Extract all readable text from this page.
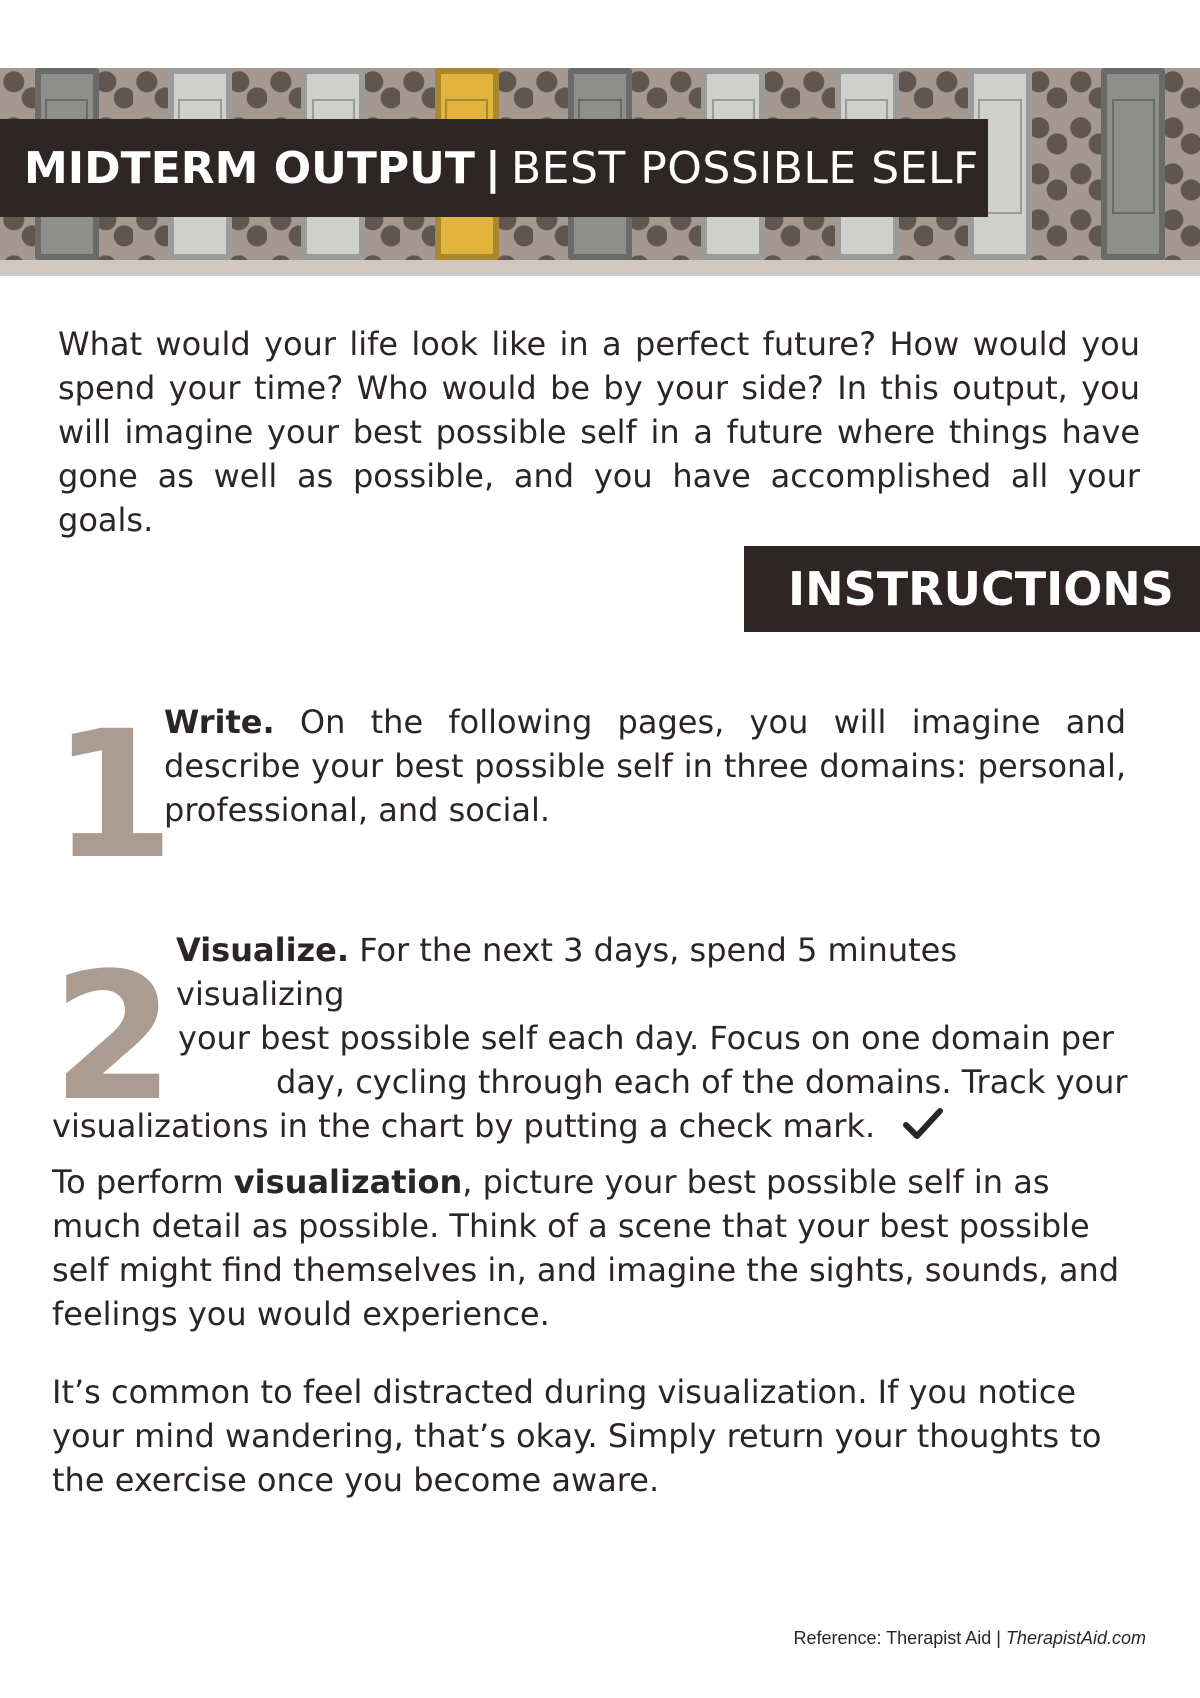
MIDTERM OUTPUT | BEST POSSIBLE SELF

What would your life look like in a perfect future? How would you spend your time? Who would be by your side? In this output, you will imagine your best possible self in a future where things have gone as well as possible, and you have accomplished all your goals.

INSTRUCTIONS
1

Write. On the following pages, you will imagine and describe your best possible self in three domains: personal, professional, and social.

2 Visualize. For the next 3 days, spend 5 minutes visualizing
your best possible self each day. Focus on one domain per
day, cycling through each of the domains. Track your
visualizations in the chart by putting a check mark.

To perform visualization, picture your best possible self in as much detail as possible. Think of a scene that your best possible self might find themselves in, and imagine the sights, sounds, and feelings you would experience.

It’s common to feel distracted during visualization. If you notice your mind wandering, that’s okay. Simply return your thoughts to the exercise once you become aware.

Reference: Therapist Aid | TherapistAid.com
